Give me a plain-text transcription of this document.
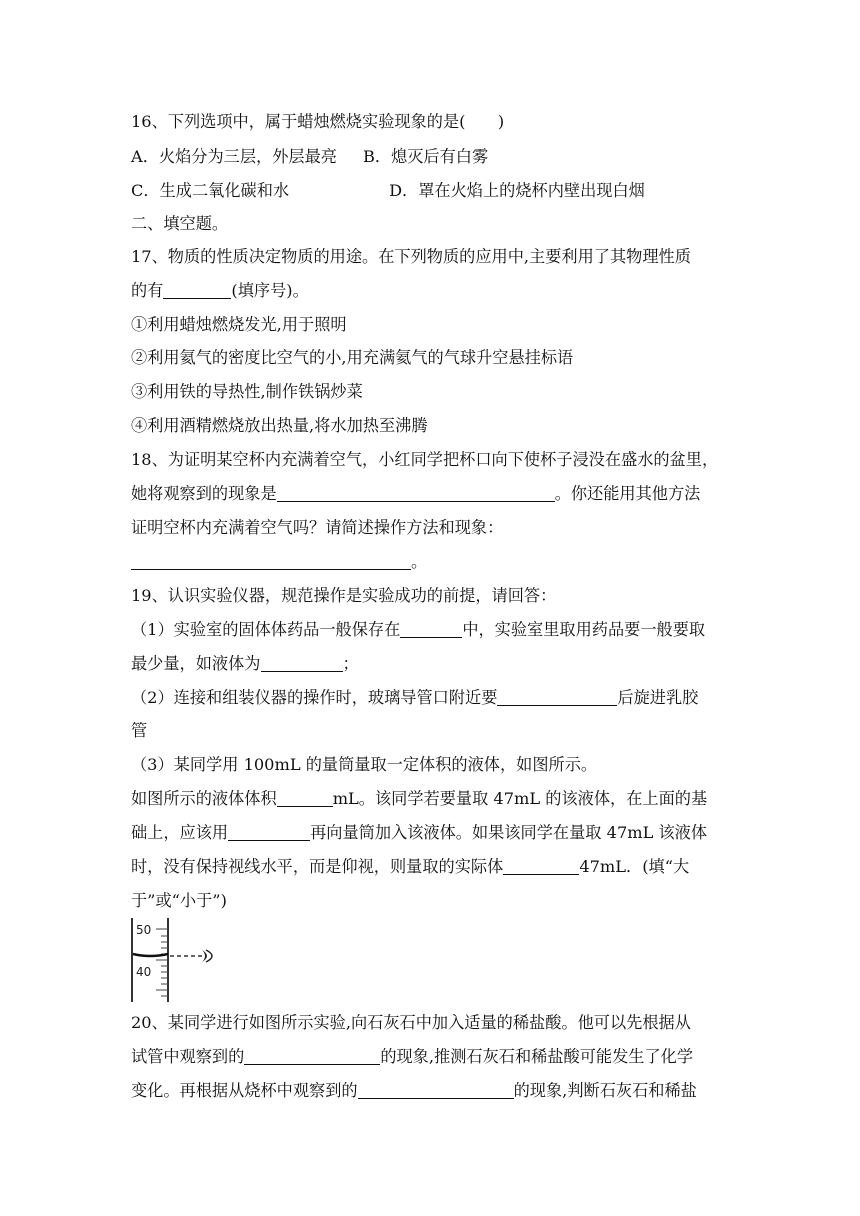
16、下列选项中，属于蜡烛燃烧实验现象的是(　　)
A．火焰分为三层，外层最亮 B．熄灭后有白雾
C．生成二氧化碳和水	D．罩在火焰上的烧杯内壁出现白烟
二、填空题。
17、物质的性质决定物质的用途。在下列物质的应用中,主要利用了其物理性质
的有	(填序号)。
①利用蜡烛燃烧发光,用于照明
②利用氦气的密度比空气的小,用充满氦气的气球升空悬挂标语
③利用铁的导热性,制作铁锅炒菜
④利用酒精燃烧放出热量,将水加热至沸腾
18、为证明某空杯内充满着空气，小红同学把杯口向下使杯子浸没在盛水的盆里，
她将观察到的现象是	。你还能用其他方法
证明空杯内充满着空气吗？请简述操作方法和现象：
。
19、认识实验仪器，规范操作是实验成功的前提，请回答：
（1）实验室的固体体药品一般保存在	中，实验室里取用药品要一般要取
最少量，如液体为	；
（2）连接和组装仪器的操作时，玻璃导管口附近要	后旋进乳胶
管
（3）某同学用 100mL 的量筒量取一定体积的液体，如图所示。
如图所示的液体体积	mL。该同学若要量取 47mL 的该液体，在上面的基
础上，应该用	再向量筒加入该液体。如果该同学在量取 47mL 该液体
时，没有保持视线水平，而是仰视，则量取的实际体	47mL．(填“大
于”或“小于”)
50
40
20、某同学进行如图所示实验,向石灰石中加入适量的稀盐酸。他可以先根据从
试管中观察到的	的现象,推测石灰石和稀盐酸可能发生了化学
变化。再根据从烧杯中观察到的	的现象,判断石灰石和稀盐
